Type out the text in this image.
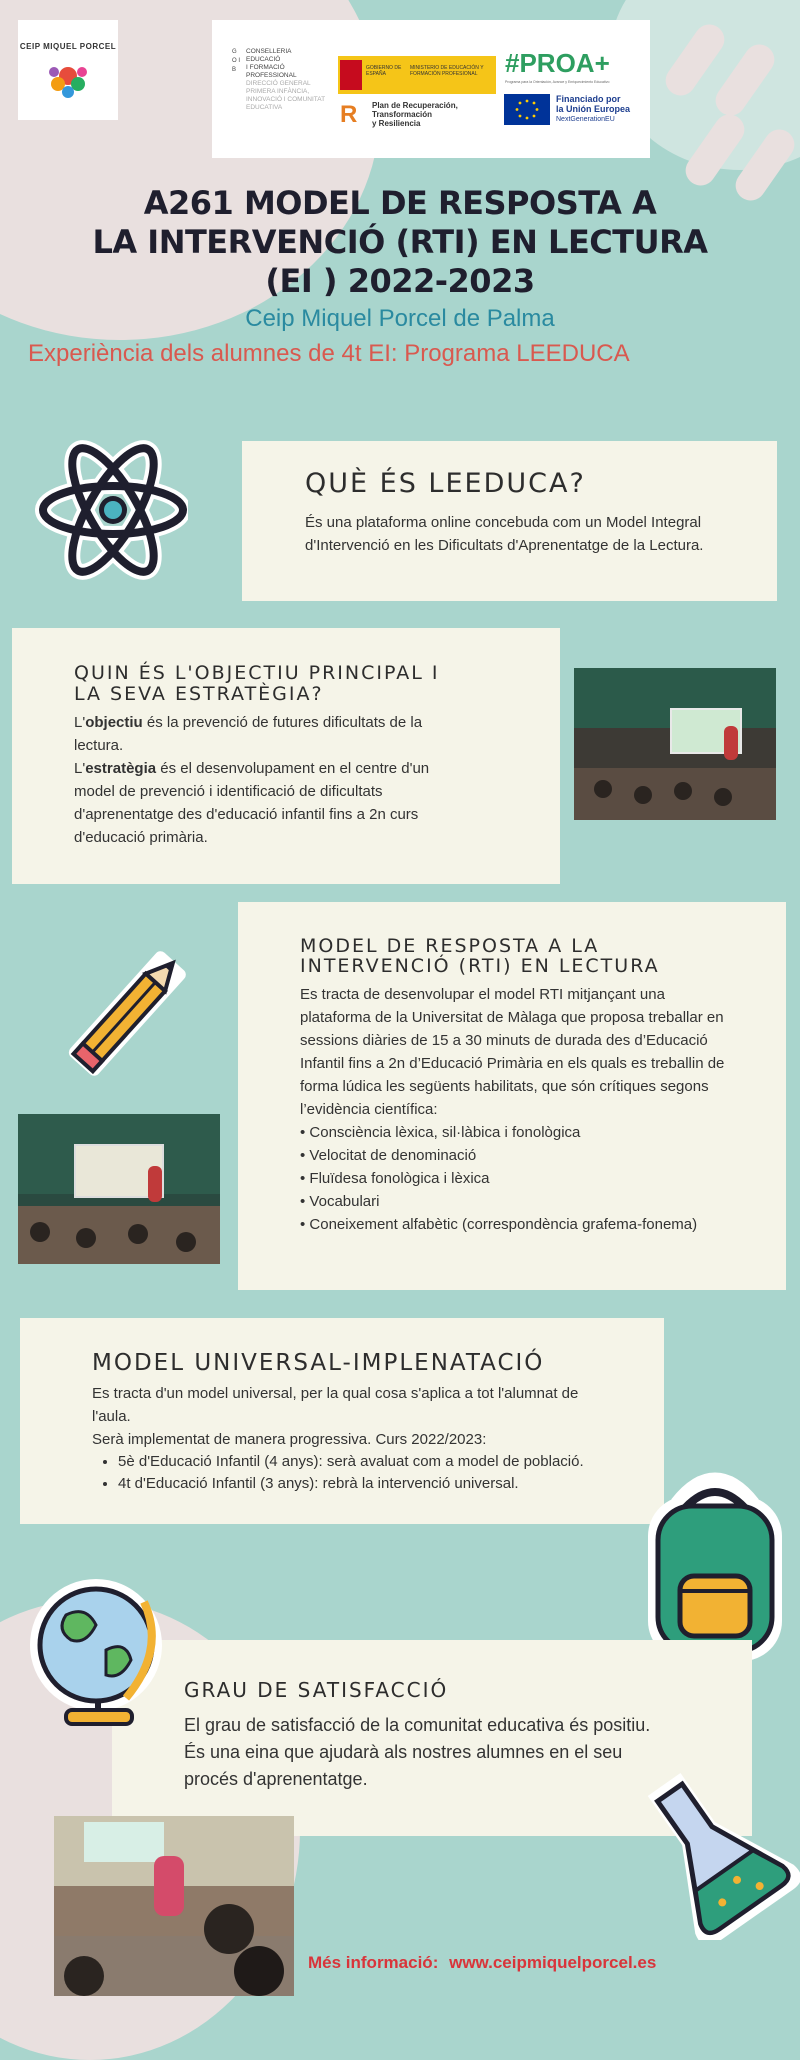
CEIP MIQUEL PORCEL
G O I B
CONSELLERIA
EDUCACIÓ
I FORMACIÓ
PROFESSIONAL
DIRECCIÓ GENERAL
PRIMERA INFÀNCIA,
INNOVACIÓ I COMUNITAT
EDUCATIVA
GOBIERNO DE ESPAÑA
MINISTERIO DE EDUCACIÓN Y FORMACIÓN PROFESIONAL
R	Plan de Recuperación,
Transformación
y Resiliencia
#PROA+
Programa para la Orientación, Avance y Enriquecimiento Educativo
Financiado por
la Unión Europea
NextGenerationEU
A261 MODEL DE RESPOSTA A
LA INTERVENCIÓ (RTI) EN LECTURA
(EI ) 2022-2023
Ceip Miquel Porcel de Palma
Experiència dels alumnes de 4t EI: Programa LEEDUCA
QUÈ ÉS LEEDUCA?

És una plataforma online concebuda com un Model Integral d'Intervenció en les Dificultats d'Aprenentatge de la Lectura.

QUIN ÉS L'OBJECTIU PRINCIPAL I LA SEVA ESTRATÈGIA?

L'objectiu és la prevenció de futures dificultats de la lectura.

L'estratègia és el desenvolupament en el centre d'un model de prevenció i identificació de dificultats d'aprenentatge des d'educació infantil fins a 2n curs d'educació primària.

MODEL DE RESPOSTA A LA INTERVENCIÓ (RTI) EN LECTURA

Es tracta de desenvolupar el model RTI mitjançant una plataforma de la Universitat de Màlaga que proposa treballar en sessions diàries de 15 a 30 minuts de durada des d’Educació Infantil fins a 2n d’Educació Primària en els quals es treballin de forma lúdica les següents habilitats, que són crítiques segons l’evidència científica:

• Consciència lèxica, sil·làbica i fonològica

• Velocitat de denominació

• Fluïdesa fonològica i lèxica

• Vocabulari

• Coneixement alfabètic (correspondència grafema-fonema)

MODEL UNIVERSAL-IMPLENATACIÓ

Es tracta d'un model universal, per la qual cosa s'aplica a tot l'alumnat de l'aula.

Serà implementat de manera progressiva. Curs 2022/2023:

• 5è d'Educació Infantil (4 anys): serà avaluat com a model de població.
• 4t d'Educació Infantil (3 anys): rebrà la intervenció universal.
GRAU DE SATISFACCIÓ

El grau de satisfacció de la comunitat educativa és positiu. És una eina que ajudarà als nostres alumnes en el seu procés d'aprenentatge.

Més informació: www.ceipmiquelporcel.es
